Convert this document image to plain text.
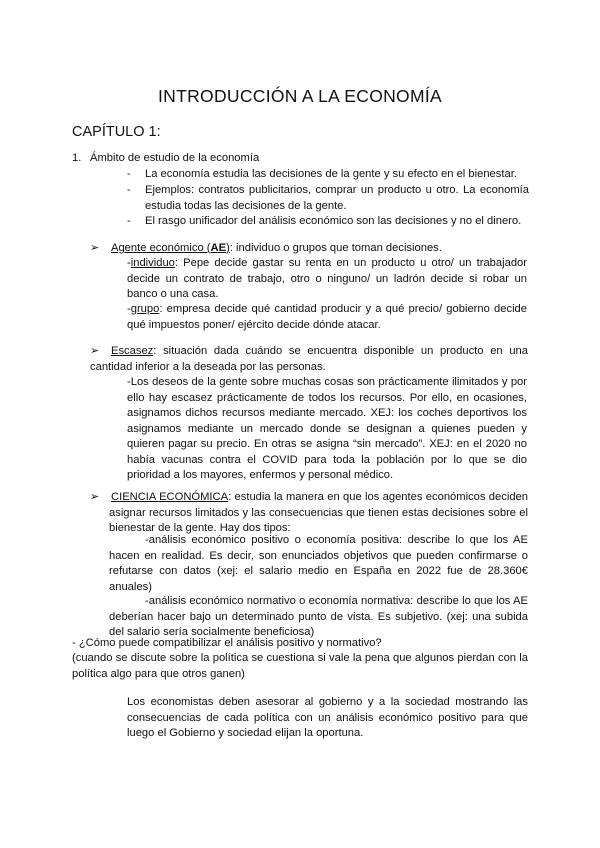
INTRODUCCIÓN A LA ECONOMÍA
CAPÍTULO 1:
1. Ámbito de estudio de la economía
- La economía estudia las decisiones de la gente y su efecto en el bienestar.
- Ejemplos: contratos publicitarios, comprar un producto u otro. La economía estudia todas las decisiones de la gente.
- El rasgo unificador del análisis económico son las decisiones y no el dinero.
➢ Agente económico (AE): individuo o grupos que toman decisiones.
-individuo: Pepe decide gastar su renta en un producto u otro/ un trabajador decide un contrato de trabajo, otro o ninguno/ un ladrón decide si robar un banco o una casa.
-grupo: empresa decide qué cantidad producir y a qué precio/ gobierno decide qué impuestos poner/ ejército decide dónde atacar.
➢	Escasez: situación dada cuándo se encuentra disponible un producto en una cantidad inferior a la deseada por las personas.
-Los deseos de la gente sobre muchas cosas son prácticamente ilimitados y por ello hay escasez prácticamente de todos los recursos. Por ello, en ocasiones, asignamos dichos recursos mediante mercado. XEJ: los coches deportivos los asignamos mediante un mercado donde se designan a quienes pueden y quieren pagar su precio. En otras se asigna “sin mercado”. XEJ: en el 2020 no había vacunas contra el COVID para toda la población por lo que se dio prioridad a los mayores, enfermos y personal médico.
➢ CIENCIA ECONÓMICA: estudia la manera en que los agentes económicos deciden asignar recursos limitados y las consecuencias que tienen estas decisiones sobre el bienestar de la gente. Hay dos tipos:
-análisis económico positivo o economía positiva: describe lo que los AE hacen en realidad. Es decir, son enunciados objetivos que pueden confirmarse o refutarse con datos (xej: el salario medio en España en 2022 fue de 28.360€ anuales)
-análisis económico normativo o economía normativa: describe lo que los AE deberían hacer bajo un determinado punto de vista. Es subjetivo. (xej: una subida del salario sería socialmente beneficiosa)
- ¿Cómo puede compatibilizar el análisis positivo y normativo?
(cuando se discute sobre la política se cuestiona si vale la pena que algunos pierdan con la política algo para que otros ganen)
Los economistas deben asesorar al gobierno y a la sociedad mostrando las consecuencias de cada política con un análisis económico positivo para que luego el Gobierno y sociedad elijan la oportuna.
